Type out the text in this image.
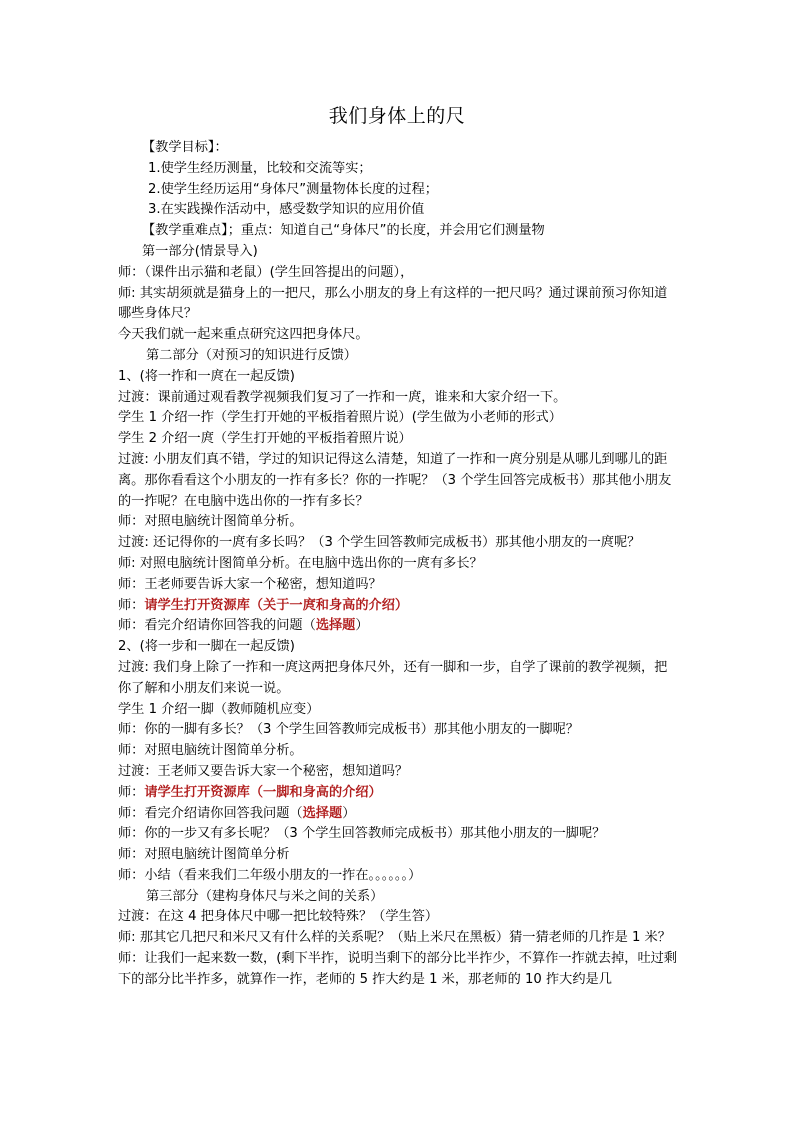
我们身体上的尺
【教学目标】：
1.使学生经历测量，比较和交流等实；
2.使学生经历运用“身体尺”测量物体长度的过程；
3.在实践操作活动中，感受数学知识的应用价值
【教学重难点】；重点：知道自己“身体尺”的长度，并会用它们测量物
第一部分(情景导入)
师：（课件出示猫和老鼠）(学生回答提出的问题），
师: 其实胡须就是猫身上的一把尺，那么小朋友的身上有这样的一把尺吗？通过课前预习你知道哪些身体尺？
今天我们就一起来重点研究这四把身体尺。
第二部分（对预习的知识进行反馈）
1、(将一拃和一庹在一起反馈)
过渡：课前通过观看教学视频我们复习了一拃和一庹，谁来和大家介绍一下。
学生 1 介绍一拃（学生打开她的平板指着照片说）(学生做为小老师的形式）
学生 2 介绍一庹（学生打开她的平板指着照片说）
过渡: 小朋友们真不错，学过的知识记得这么清楚，知道了一拃和一庹分别是从哪儿到哪儿的距离。那你看看这个小朋友的一拃有多长？你的一拃呢？（3 个学生回答完成板书）那其他小朋友的一拃呢？在电脑中选出你的一拃有多长？
师：对照电脑统计图简单分析。
过渡: 还记得你的一庹有多长吗？（3 个学生回答教师完成板书）那其他小朋友的一庹呢？
师: 对照电脑统计图简单分析。在电脑中选出你的一庹有多长？
师：王老师要告诉大家一个秘密，想知道吗？
师：请学生打开资源库（关于一庹和身高的介绍）
师：看完介绍请你回答我的问题（选择题）
2、(将一步和一脚在一起反馈)
过渡: 我们身上除了一拃和一庹这两把身体尺外，还有一脚和一步，自学了课前的教学视频，把你了解和小朋友们来说一说。
学生 1 介绍一脚（教师随机应变）
师：你的一脚有多长？（3 个学生回答教师完成板书）那其他小朋友的一脚呢？
师：对照电脑统计图简单分析。
过渡：王老师又要告诉大家一个秘密，想知道吗？
师：请学生打开资源库（一脚和身高的介绍）
师：看完介绍请你回答我问题（选择题）
师：你的一步又有多长呢？（3 个学生回答教师完成板书）那其他小朋友的一脚呢？
师：对照电脑统计图简单分析
师：小结（看来我们二年级小朋友的一拃在。。。。。。）
第三部分（建构身体尺与米之间的关系）
过渡：在这 4 把身体尺中哪一把比较特殊？（学生答）
师: 那其它几把尺和米尺又有什么样的关系呢？（贴上米尺在黑板）猜一猜老师的几拃是 1 米？
师：让我们一起来数一数，(剩下半拃，说明当剩下的部分比半拃少，不算作一拃就去掉，吐过剩下的部分比半拃多，就算作一拃，老师的 5 拃大约是 1 米，那老师的 10 拃大约是几
